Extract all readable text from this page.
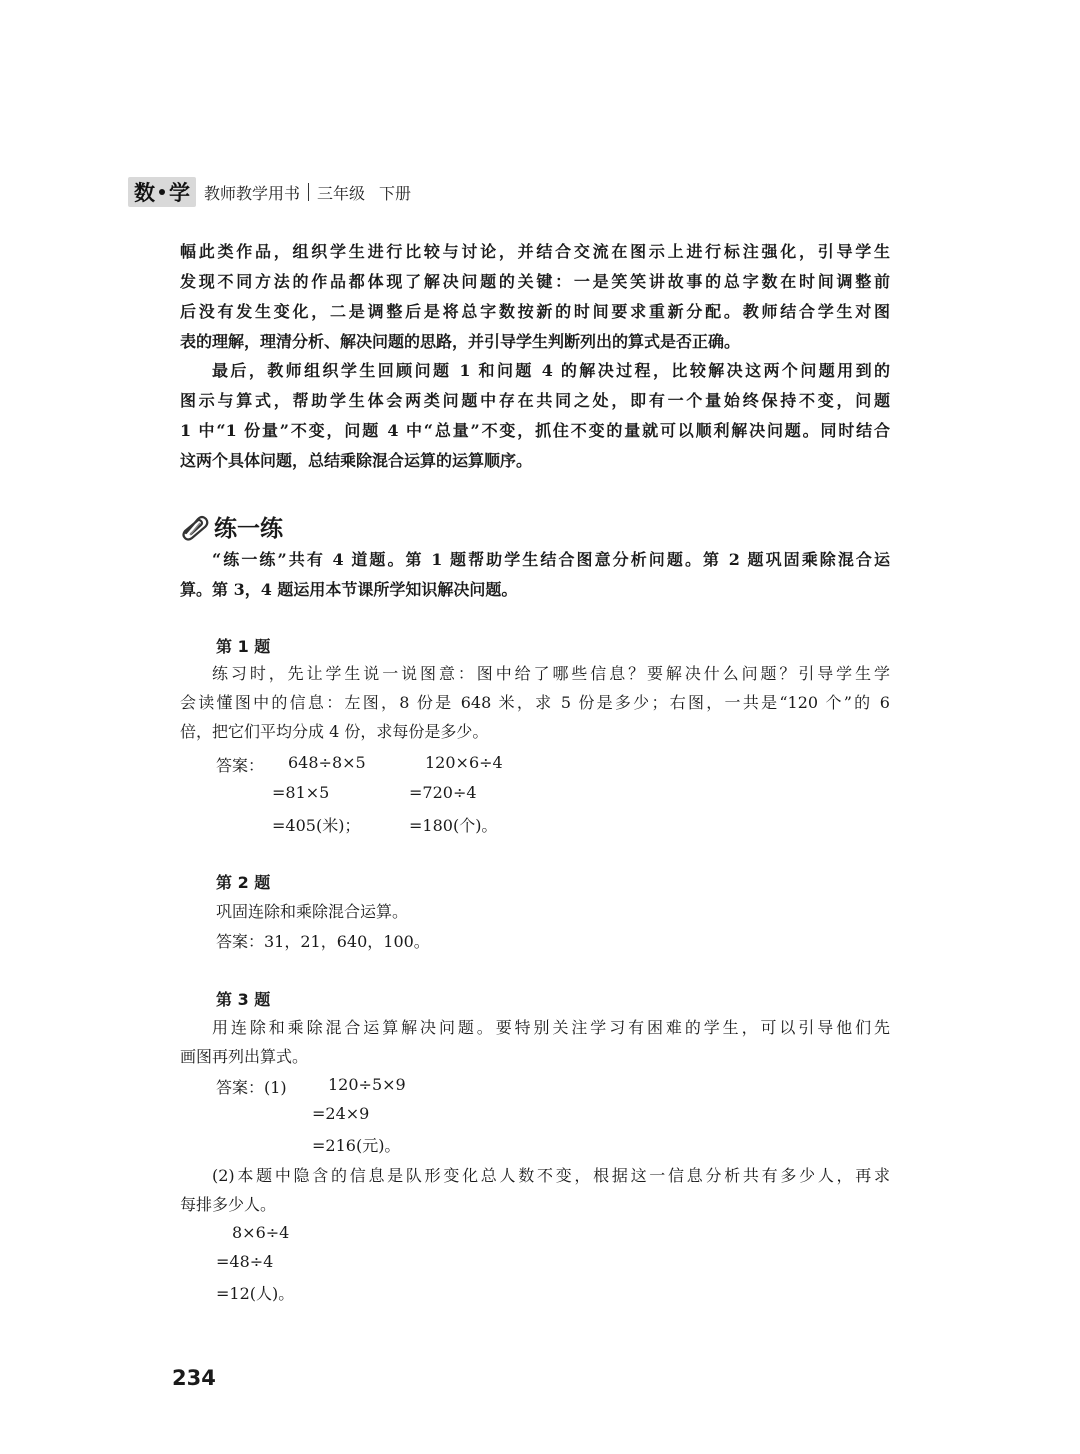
数 学 教师教学用书 三年级 下册
幅此类作品，组织学生进行比较与讨论，并结合交流在图示上进行标注强化，引导学生
发现不同方法的作品都体现了解决问题的关键：一是笑笑讲故事的总字数在时间调整前
后没有发生变化，二是调整后是将总字数按新的时间要求重新分配。教师结合学生对图
表的理解，理清分析、解决问题的思路，并引导学生判断列出的算式是否正确。
最后，教师组织学生回顾问题 1 和问题 4 的解决过程，比较解决这两个问题用到的
图示与算式，帮助学生体会两类问题中存在共同之处，即有一个量始终保持不变，问题
1 中“1 份量”不变，问题 4 中“总量”不变，抓住不变的量就可以顺利解决问题。同时结合
这两个具体问题，总结乘除混合运算的运算顺序。
练一练
“练一练”共有 4 道题。第 1 题帮助学生结合图意分析问题。第 2 题巩固乘除混合运
算。第 3，4 题运用本节课所学知识解决问题。
第 1 题
练习时，先让学生说一说图意：图中给了哪些信息？要解决什么问题？引导学生学
会读懂图中的信息：左图，8 份是 648 米，求 5 份是多少；右图，一共是“120 个”的 6
倍，把它们平均分成 4 份，求每份是多少。
答案： 648÷8×5
=81×5
=405(米)；
120×6÷4
=720÷4
=180(个)。
第 2 题
巩固连除和乘除混合运算。
答案：31，21，640，100。
第 3 题
用连除和乘除混合运算解决问题。要特别关注学习有困难的学生，可以引导他们先
画图再列出算式。
答案：(1)	120÷5×9
=24×9
=216(元)。
(2)本题中隐含的信息是队形变化总人数不变，根据这一信息分析共有多少人，再求
每排多少人。
8×6÷4
=48÷4
=12(人)。
234
